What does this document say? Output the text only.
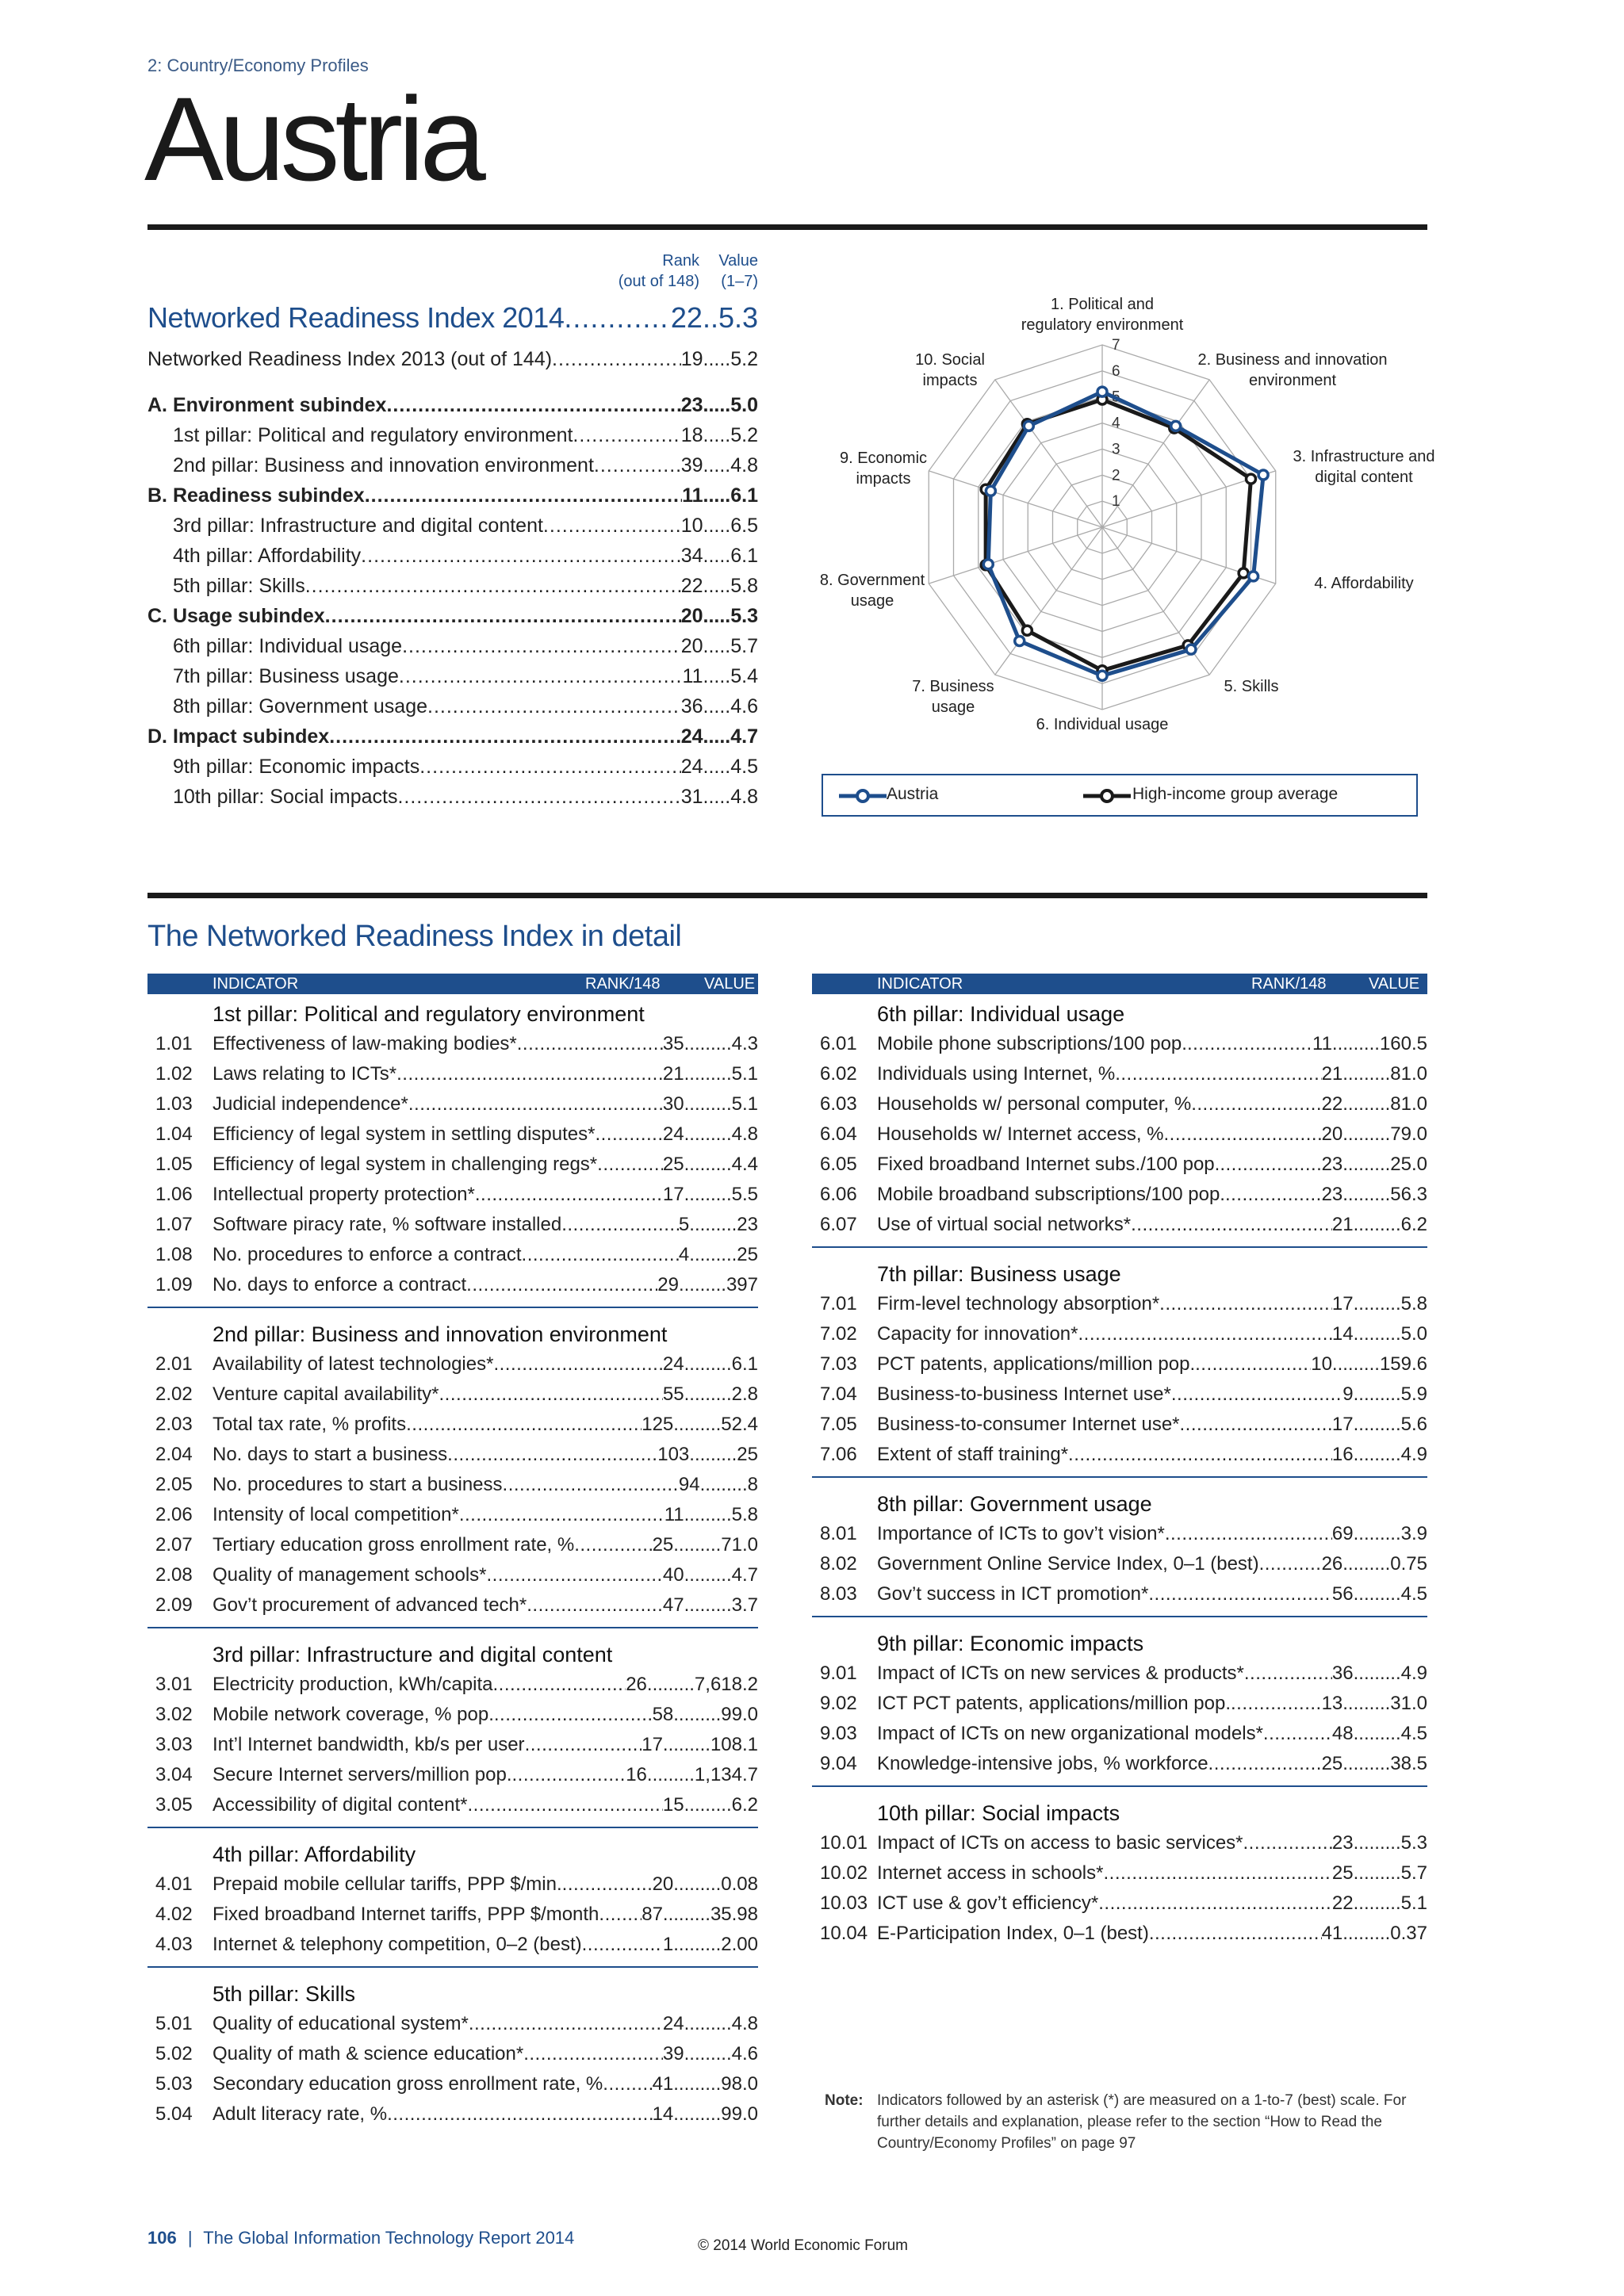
2: Country/Economy Profiles
Austria
Rank
(out of 148)
Value
(1–7)
Networked Readiness Index 2014 .....	22 .. 5.3
Networked Readiness Index 2013 (out of 144) .....	19 ..... 5.2
A. Environment subindex .....	23 ..... 5.0
1st pillar: Political and regulatory environment .....	18 ..... 5.2
2nd pillar: Business and innovation environment .....	39 ..... 4.8
B. Readiness subindex .....	11 ..... 6.1
3rd pillar: Infrastructure and digital content .....	10 ..... 6.5
4th pillar: Affordability .....	34 ..... 6.1
5th pillar: Skills .....	22 ..... 5.8
C. Usage subindex .....	20 ..... 5.3
6th pillar: Individual usage .....	20 ..... 5.7
7th pillar: Business usage .....	11 ..... 5.4
8th pillar: Government usage .....	36 ..... 4.6
D. Impact subindex .....	24 ..... 4.7
9th pillar: Economic impacts .....	24 ..... 4.5
10th pillar: Social impacts .....	31 ..... 4.8
1
2
3
4
5
6
7
1. Political and regulatory environment
2. Business and innovation environment
3. Infrastructure and digital content
4. Affordability
5. Skills
6. Individual usage
7. Business usage
8. Government usage
9. Economic impacts
10. Social impacts
Austria	High-income group average
The Networked Readiness Index in detail
INDICATOR	RANK/148	VALUE
1st pillar: Political and regulatory environment
1.01	Effectiveness of law-making bodies* .....	35 ......... 4.3
1.02	Laws relating to ICTs* .....	21 ......... 5.1
1.03	Judicial independence* .....	30 ......... 5.1
1.04	Efficiency of legal system in settling disputes* .....	24 ......... 4.8
1.05	Efficiency of legal system in challenging regs* .....	25 ......... 4.4
1.06	Intellectual property protection* .....	17 ......... 5.5
1.07	Software piracy rate, % software installed .....	5 ......... 23
1.08	No. procedures to enforce a contract .....	4 ......... 25
1.09	No. days to enforce a contract .....	29 ......... 397
2nd pillar: Business and innovation environment
2.01	Availability of latest technologies* .....	24 ......... 6.1
2.02	Venture capital availability* .....	55 ......... 2.8
2.03	Total tax rate, % profits .....	125 ......... 52.4
2.04	No. days to start a business .....	103 ......... 25
2.05	No. procedures to start a business .....	94 ......... 8
2.06	Intensity of local competition* .....	11 ......... 5.8
2.07	Tertiary education gross enrollment rate, % .....	25 ......... 71.0
2.08	Quality of management schools* .....	40 ......... 4.7
2.09	Gov’t procurement of advanced tech* .....	47 ......... 3.7
3rd pillar: Infrastructure and digital content
3.01	Electricity production, kWh/capita .....	26 ......... 7,618.2
3.02	Mobile network coverage, % pop. .....	58 ......... 99.0
3.03	Int’l Internet bandwidth, kb/s per user .....	17 ......... 108.1
3.04	Secure Internet servers/million pop. .....	16 ......... 1,134.7
3.05	Accessibility of digital content* .....	15 ......... 6.2
4th pillar: Affordability
4.01	Prepaid mobile cellular tariffs, PPP $/min. .....	20 ......... 0.08
4.02	Fixed broadband Internet tariffs, PPP $/month ..... 87 ......... 35.98
4.03	Internet & telephony competition, 0–2 (best) .....	1 ......... 2.00
5th pillar: Skills
5.01	Quality of educational system* .....	24 ......... 4.8
5.02	Quality of math & science education* .....	39 ......... 4.6
5.03	Secondary education gross enrollment rate, % .....	41 ......... 98.0
5.04	Adult literacy rate, % .....	14 ......... 99.0
INDICATOR	RANK/148	VALUE
6th pillar: Individual usage
6.01	Mobile phone subscriptions/100 pop. .....	11 ......... 160.5
6.02	Individuals using Internet, % .....	21 ......... 81.0
6.03	Households w/ personal computer, % .....	22 ......... 81.0
6.04	Households w/ Internet access, % .....	20 ......... 79.0
6.05	Fixed broadband Internet subs./100 pop. .....	23 ......... 25.0
6.06	Mobile broadband subscriptions/100 pop. .....	23 ......... 56.3
6.07	Use of virtual social networks* .....	21 ......... 6.2
7th pillar: Business usage
7.01	Firm-level technology absorption* .....	17 ......... 5.8
7.02	Capacity for innovation* .....	14 ......... 5.0
7.03	PCT patents, applications/million pop. .....	10 ......... 159.6
7.04	Business-to-business Internet use* .....	9 ......... 5.9
7.05	Business-to-consumer Internet use* .....	17 ......... 5.6
7.06	Extent of staff training* .....	16 ......... 4.9
8th pillar: Government usage
8.01	Importance of ICTs to gov’t vision* .....	69 ......... 3.9
8.02	Government Online Service Index, 0–1 (best) .....	26 ......... 0.75
8.03	Gov’t success in ICT promotion* .....	56 ......... 4.5
9th pillar: Economic impacts
9.01	Impact of ICTs on new services & products* .....	36 ......... 4.9
9.02	ICT PCT patents, applications/million pop. .....	13 ......... 31.0
9.03	Impact of ICTs on new organizational models* .....	48 ......... 4.5
9.04	Knowledge-intensive jobs, % workforce .....	25 ......... 38.5
10th pillar: Social impacts
10.01 Impact of ICTs on access to basic services* .....	23 ......... 5.3
10.02 Internet access in schools* .....	25 ......... 5.7
10.03 ICT use & gov’t efficiency* .....	22 ......... 5.1
10.04 E-Participation Index, 0–1 (best) .....	41 ......... 0.37
Note: Indicators followed by an asterisk (*) are measured on a 1-to-7 (best) scale. For further details and explanation, please refer to the section “How to Read the Country/Economy Profiles” on page 97
106 | The Global Information Technology Report 2014	© 2014 World Economic Forum
